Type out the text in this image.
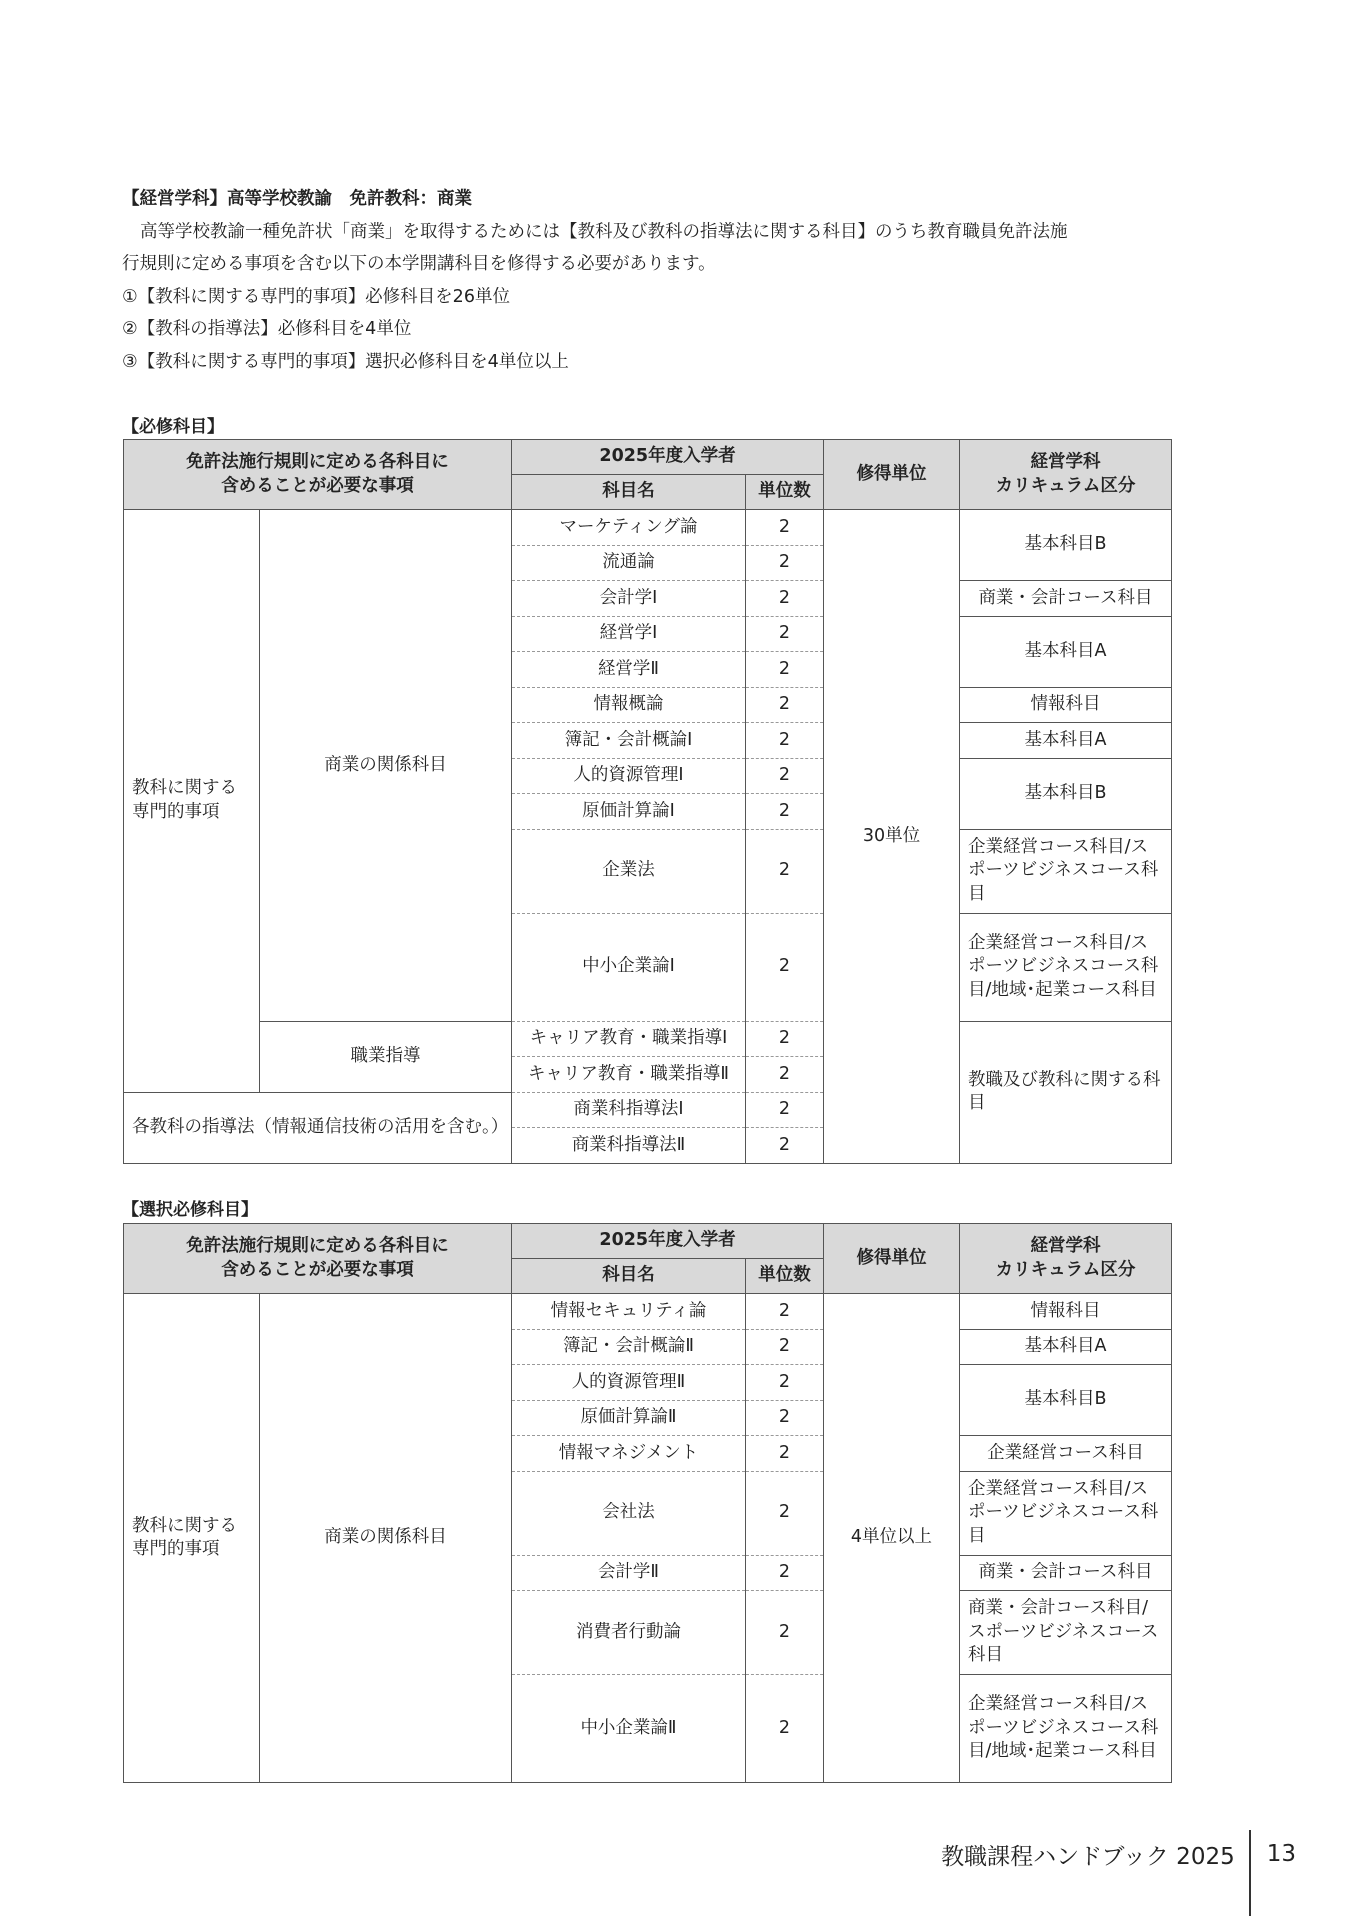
【経営学科】高等学校教諭　免許教科：商業

高等学校教諭一種免許状「商業」を取得するためには【教科及び教科の指導法に関する科目】のうち教育職員免許法施

行規則に定める事項を含む以下の本学開講科目を修得する必要があります。

①【教科に関する専門的事項】必修科目を26単位

②【教科の指導法】必修科目を4単位

③【教科に関する専門的事項】選択必修科目を4単位以上

【必修科目】
免許法施行規則に定める各科目に
含めることが必要な事項		2025年度入学者		修得単位	経営学科
カリキュラム区分
		科目名	単位数		
教科に関する
専門的事項	商業の関係科目	マーケティング論	2	30単位	基本科目B
		流通論	2		
		会計学Ⅰ	2		商業・会計コース科目
		経営学Ⅰ	2		基本科目A
		経営学Ⅱ	2		
		情報概論	2		情報科目
		簿記・会計概論Ⅰ	2		基本科目A
		人的資源管理Ⅰ	2		基本科目B
		原価計算論Ⅰ	2		
		企業法	2		企業経営コース科目/スポーツビジネスコース科目
		中小企業論Ⅰ	2		企業経営コース科目/スポーツビジネスコース科目/地域･起業コース科目
	職業指導	キャリア教育・職業指導Ⅰ	2		教職及び教科に関する科目
		キャリア教育・職業指導Ⅱ	2		
各教科の指導法（情報通信技術の活用を含む。）		商業科指導法Ⅰ	2		
		商業科指導法Ⅱ	2		
【選択必修科目】
免許法施行規則に定める各科目に
含めることが必要な事項		2025年度入学者		修得単位	経営学科
カリキュラム区分
		科目名	単位数		
教科に関する
専門的事項	商業の関係科目	情報セキュリティ論	2	4単位以上	情報科目
		簿記・会計概論Ⅱ	2		基本科目A
		人的資源管理Ⅱ	2		基本科目B
		原価計算論Ⅱ	2		
		情報マネジメント	2		企業経営コース科目
		会社法	2		企業経営コース科目/スポーツビジネスコース科目
		会計学Ⅱ	2		商業・会計コース科目
		消費者行動論	2		商業・会計コース科目/スポーツビジネスコース科目
		中小企業論Ⅱ	2		企業経営コース科目/スポーツビジネスコース科目/地域･起業コース科目
教職課程ハンドブック 2025 13
